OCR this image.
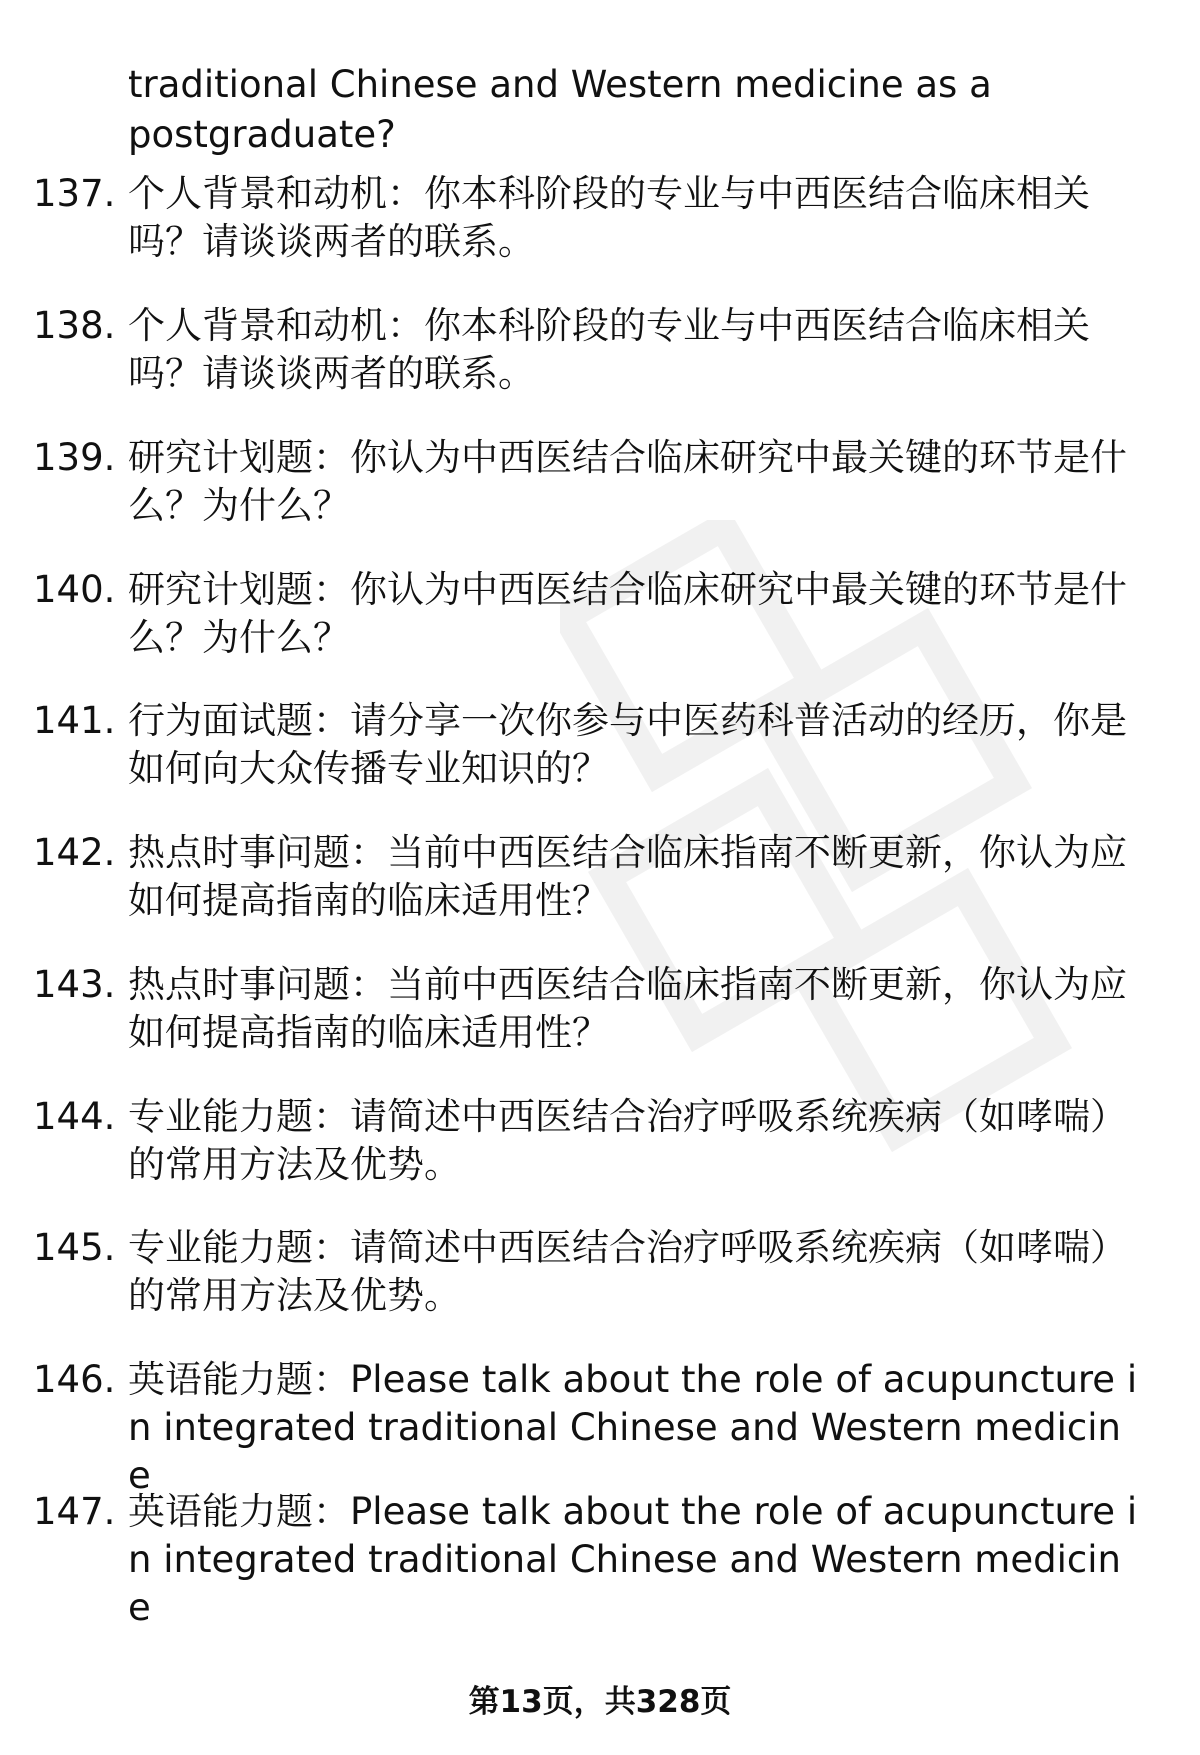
traditional Chinese and Western medicine as a postgraduate?
137. 个人背景和动机：你本科阶段的专业与中西医结合临床相关吗？请谈谈两者的联系。
138. 个人背景和动机：你本科阶段的专业与中西医结合临床相关吗？请谈谈两者的联系。
139. 研究计划题：你认为中西医结合临床研究中最关键的环节是什么？为什么？
140. 研究计划题：你认为中西医结合临床研究中最关键的环节是什么？为什么？
141. 行为面试题：请分享一次你参与中医药科普活动的经历，你是如何向大众传播专业知识的？
142. 热点时事问题：当前中西医结合临床指南不断更新，你认为应如何提高指南的临床适用性？
143. 热点时事问题：当前中西医结合临床指南不断更新，你认为应如何提高指南的临床适用性？
144. 专业能力题：请简述中西医结合治疗呼吸系统疾病（如哮喘）的常用方法及优势。
145. 专业能力题：请简述中西医结合治疗呼吸系统疾病（如哮喘）的常用方法及优势。
146. 英语能力题：Please talk about the role of acupuncture in integrated traditional Chinese and Western medicine
147. 英语能力题：Please talk about the role of acupuncture in integrated traditional Chinese and Western medicine
第13页，共328页
